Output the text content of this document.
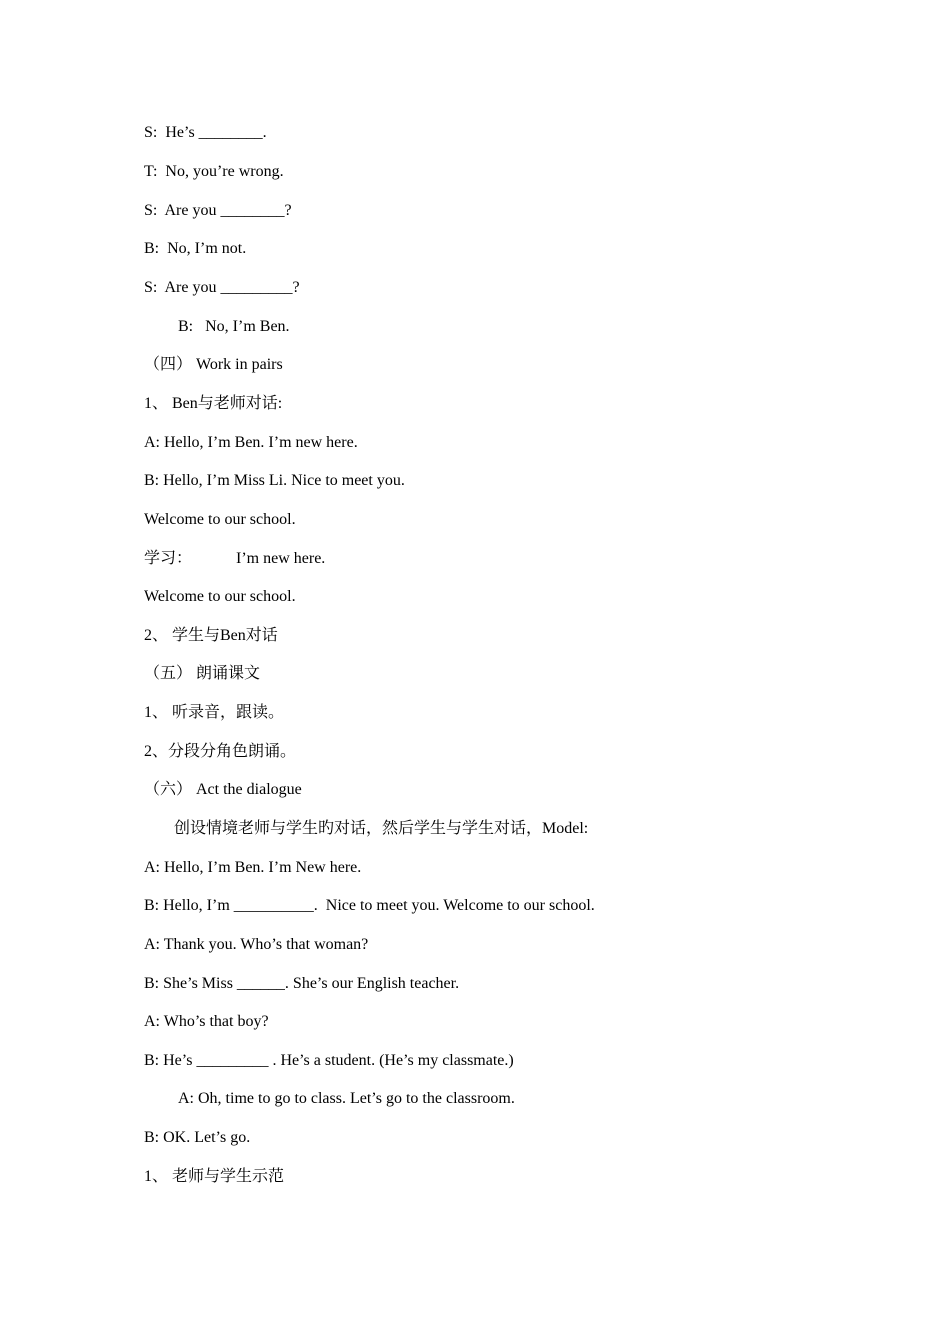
S:  He’s ________.
T:  No, you’re wrong.
S:  Are you ________?
B:  No, I’m not.
S:  Are you _________?
B:   No, I’m Ben.
（四） Work in pairs
1、 Ben与老师对话:
A: Hello, I’m Ben. I’m new here.
B: Hello, I’m Miss Li. Nice to meet you.
Welcome to our school.
学习：	I’m new here.
Welcome to our school.
2、 学生与Ben对话
（五） 朗诵课文
1、 听录音，跟读。
2、分段分角色朗诵。
（六） Act the dialogue
创设情境老师与学生旳对话，然后学生与学生对话，Model:
A: Hello, I’m Ben. I’m New here.
B: Hello, I’m __________.  Nice to meet you. Welcome to our school.
A: Thank you. Who’s that woman?
B: She’s Miss ______. She’s our English teacher.
A: Who’s that boy?
B: He’s _________ . He’s a student. (He’s my classmate.)
A: Oh, time to go to class. Let’s go to the classroom.
B: OK. Let’s go.
1、 老师与学生示范
